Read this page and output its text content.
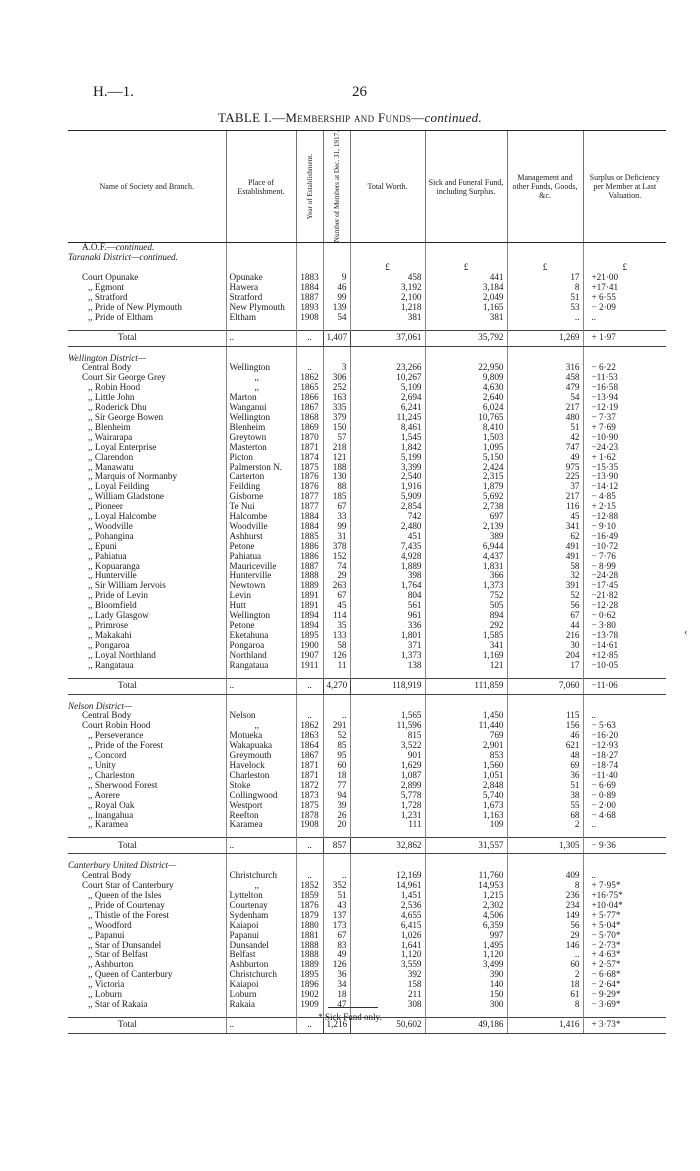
H.—1.	26
TABLE I.—Membership and Funds—continued.
Name of Society and Branch.	Place of Establishment.	Year of Establishment.	Number of Members at Dec. 31, 1917.	Total Worth.	Sick and Funeral Fund, including Surplus.	Management and other Funds, Goods, &c.	Surplus or Deficiency per Member at Last Valuation.
A.O.F.—continued.							
Taranaki District—continued.							
				£	£	£	£
Court Opunake	Opunake	1883	9	458	441	17	+21·00
,, Egmont	Hawera	1884	46	3,192	3,184	8	+17·41
,, Stratford	Stratford	1887	99	2,100	2,049	51	+ 6·55
,, Pride of New Plymouth	New Plymouth	1893	139	1,218	1,165	53	− 2·09
,, Pride of Eltham	Eltham	1908	54	381	381	..	..

Total	..	..	1,407	37,061	35,792	1,269	+ 1·97

Wellington District—							
Central Body	Wellington	..	3	23,266	22,950	316	− 6·22
Court Sir George Grey	,,	1862	306	10,267	9,809	458	−11·53
,, Robin Hood	,,	1865	252	5,109	4,630	479	−16·58
,, Little John	Marton	1866	163	2,694	2,640	54	−13·94
,, Roderick Dhu	Wanganui	1867	335	6,241	6,024	217	−12·19
,, Sir George Bowen	Wellington	1868	379	11,245	10,765	480	− 7·37
,, Blenheim	Blenheim	1869	150	8,461	8,410	51	+ 7·69
,, Wairarapa	Greytown	1870	57	1,545	1,503	42	−10·90
,, Loyal Enterprise	Masterton	1871	218	1,842	1,095	747	−24·23
,, Clarendon	Picton	1874	121	5,199	5,150	49	+ 1·62
,, Manawatu	Palmerston N.	1875	188	3,399	2,424	975	−15·35
,, Marquis of Normanby	Carterton	1876	130	2,540	2,315	225	−13·90
,, Loyal Feilding	Feilding	1876	88	1,916	1,879	37	−14·12
,, William Gladstone	Gisborne	1877	185	5,909	5,692	217	− 4·85
,, Pioneer	Te Nui	1877	67	2,854	2,738	116	+ 2·15
,, Loyal Halcombe	Halcombe	1884	33	742	697	45	−12·88
,, Woodville	Woodville	1884	99	2,480	2,139	341	− 9·10
,, Pohangina	Ashhurst	1885	31	451	389	62	−16·49
,, Epuni	Petone	1886	378	7,435	6,944	491	−10·72
,, Pahiatua	Pahiatua	1886	152	4,928	4,437	491	− 7·76
,, Kopuaranga	Mauriceville	1887	74	1,889	1,831	58	− 8·99
,, Hunterville	Hunterville	1888	29	398	366	32	−24·28
,, Sir William Jervois	Newtown	1889	263	1,764	1,373	391	−17·45
,, Pride of Levin	Levin	1891	67	804	752	52	−21·82
,, Bloomfield	Hutt	1891	45	561	505	56	−12·28
,, Lady Glasgow	Wellington	1894	114	961	894	67	− 0·62
,, Primrose	Petone	1894	35	336	292	44	− 3·80
,, Makakahi	Eketahuna	1895	133	1,801	1,585	216	−13·78
,, Pongaroa	Pongaroa	1900	58	371	341	30	−14·61
,, Loyal Northland	Northland	1907	126	1,373	1,169	204	+12·85
,, Rangataua	Rangataua	1911	11	138	121	17	−10·05

Total	..	..	4,270	118,919	111,859	7,060	−11·06

Nelson District—							
Central Body	Nelson	..	..	1,565	1,450	115	..
Court Robin Hood	,,	1862	291	11,596	11,440	156	− 5·63
,, Perseverance	Motueka	1863	52	815	769	46	−16·20
,, Pride of the Forest	Wakapuaka	1864	85	3,522	2,901	621	−12·93
,, Concord	Greymouth	1867	95	901	853	48	−18·27
,, Unity	Havelock	1871	60	1,629	1,560	69	−18·74
,, Charleston	Charleston	1871	18	1,087	1,051	36	−11·40
,, Sherwood Forest	Stoke	1872	77	2,899	2,848	51	− 6·69
,, Aorere	Collingwood	1873	94	5,778	5,740	38	− 0·89
,, Royal Oak	Westport	1875	39	1,728	1,673	55	− 2·00
,, Inangahua	Reefton	1878	26	1,231	1,163	68	− 4·68
,, Karamea	Karamea	1908	20	111	109	2	..

Total	..	..	857	32,862	31,557	1,305	− 9·36

Canterbury United District—							
Central Body	Christchurch	..	..	12,169	11,760	409	..
Court Star of Canterbury	,,	1852	352	14,961	14,953	8	+ 7·95*
,, Queen of the Isles	Lyttelton	1859	51	1,451	1,215	236	+16·75*
,, Pride of Courtenay	Courtenay	1876	43	2,536	2,302	234	+10·04*
,, Thistle of the Forest	Sydenham	1879	137	4,655	4,506	149	+ 5·77*
,, Woodford	Kaiapoi	1880	173	6,415	6,359	56	+ 5·04*
,, Papanui	Papanui	1881	67	1,026	997	29	− 5·70*
,, Star of Dunsandel	Dunsandel	1888	83	1,641	1,495	146	− 2·73*
,, Star of Belfast	Belfast	1888	49	1,120	1,120	..	+ 4·63*
,, Ashburton	Ashburton	1889	126	3,559	3,499	60	+ 2·57*
,, Queen of Canterbury	Christchurch	1895	36	392	390	2	− 6·68*
,, Victoria	Kaiapoi	1896	34	158	140	18	− 2·64*
,, Loburn	Loburn	1902	18	211	150	61	− 9·29*
,, Star of Rakaia	Rakaia	1909	47	308	300	8	− 3·69*

Total	..	..	1,216	50,602	49,186	1,416	+ 3·73*
‹
* Sick Fund only.
